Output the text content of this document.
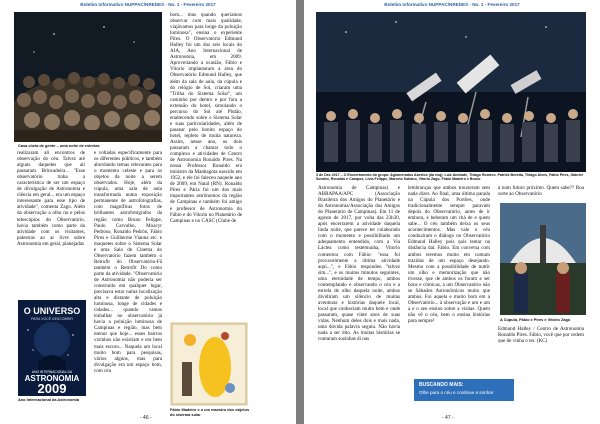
Boletim Informativo NUPPAC/NREDES - No. 1 - Fevereiro 2017
Casa cheia de gente – uma noite de estrelas

realizaram ali encontros de observação do céu. Talvez até alguns daqueles que ali passaram. Brincadeira... "Esse observatório tinha a característica de ser um espaço de divulgação de Astronomia e ciência em geral... era um espaço interessante para esse tipo de atividade", comenta Zago. Além da observação a olho nu e pelos telescópios do Observatório, havia também como parte da atividade com os visitantes, palestras ao ar livre sobre Astronomia em geral, planejadas

O UNIVERSO
PARA VOCÊ DESCOBRIR
ANO INTERNACIONAL DA
ASTRONOMIA
2009
Ano Internacional da Astronomia

e voltadas especificamente para os diferentes públicos, e também abordando temas relevantes para o momento celeste e para os objetos da noite a serem observados. Hoje, além da cúpula, uma sala de aula transformada numa exposição permanente de astrofotografias, com magníficas fotos de brilhantes astrofotógrafos da região como Bruno Felippe, Paulo Carvalho, Moacyr Pedroso, Ronaldo Pedrón, Fábio Pires e Guilherme Vianna etc. e maquetes sobre o Sistema Solar e uma Sala de Cinema do Observatório fazem também o Retrofit do Observatório-Fã também o Retrofit Do como parte da atividade. "Observatório de Astronomia não poderia ser construído em qualquer lugar, precisava estar numa localização alta e distante de poluição luminosa, longe de cidades e cidades... quando vamos trabalhar no observatório já havia a poluição luminosa de Campinas e região, mas bem menor que hoje... esses bairros vizinhos não existiam e era bem mais escuro... Naquela um local muito bom para pesquisas, vários alguns, mas para divulgação era um espaço bom, com céu

bom... mas quando queríamos observar com mais qualidade, viajávamos para longe da poluição luminosa", ensina o experiente Pires. O Observatório Edmund Halley foi um dos seis locais do AIA, Ano Internacional de Astronomia, em 2009. Aproveitando a ocasião, Fábio e Vitorio implantaram a área do Observatório Edmund Halley, que além da sala de aula, da cúpula e do relógio de Sol, criaram uma "Trilha do Sistema Solar", um caminho por dentro e por fora a extensão do hotel, simulando o percurso do Sol até Plutão, enaltecendo sobre o Sistema Solar e suas particularidades, além de passear pelo bonito espaço do hotel, repleto de muita natureza. Assim, nesse ano, os dois passaram a chamar todo o complexo e atividades de Centro de Astronomia Ronaldo Pires. Na nossa Professor Ronaldo era ministro da Manhagota nascido em 1952, e ele foi faleceu naquele ano de 2009, em Natal (RN). Ronaldo Pires e Pária foi um dos mais importantes astrônomos da região de Campinas e também foi amigo e professor de Astronomia do Fábio e do Vitorio no Planetário de Campinas e no CASC (Clube de

Fábio Madeiro e o um maestro dos objetos do sistema solar
- 46 -
Boletim Informativo NUPPAC/NREDES - No. 1 - Fevereiro 2017
3 de Dez 2017 – O Encerramento do grupo: Aglomerados Abertos (da esq): Luiz Andrade, Thiago Romero, Patrick Beretta, Thiago Alves, Fabio Pires, Gabriel Sorotto, Ronaldo e Campos, Lívia Felippe, Marcelo Soliano, Vitorio Zago, Fábio Madeiro e Bruno

Astronomia de Campinas) e ABRAPAA/APC (Associação Brasileira dos Amigos do Planetário e da Astronomia/Associação dos Amigos do Planetário de Campinas). Em 11 de agosto de 2017, por volta das 23h30, após encerrarem a atividade daquela linda noite, que parece ter colaborado com o momento e possibilitado um adequamento entendido, com a Via Láctea como testemunha, Vitorio comentou com Fábio: "essa foi provavelmente a última atividade aqui...", e Fábio respondeu "talvez sim...", e os muitos minutos seguintes, uma eternidade de tempo, ambos contemplando e observando o céu e a estrela de olho daquela noite, ambos dividiram um silêncio de muitas aventuras e histórias daquele local, local que conheciam muito bem e onde passaram, quase vinte anos de suas vidas. Nenhum deles dois e mais nada, uma dúvida palavra seguiu. Não havia nada a ser dito. As muitas histórias se contaram sozinhas di nas

lembranças que ambos trouxeram sem nada dizer. Ao final, uma última parada na Cúpula dos Portões, onde tradicionalmente sempre paravam depois do Observatório, antes de ir embora, e beberam um chá de e quem sabe... O céu também deixa os seus acontecimentos. Mas vale o céu conduziram o diálogo no Observatório Edmund Halley pois quis tentar na distância daí. Fábio. Em conversa com ambos teremos muito em comum trazidas de um espaço desejando. Mesmo com a possibilidade de nutrir um olho e memorização que não tivesse, que de ambos os foram e ser bons e cômicas, a um Observatório não se Sábados Astronômicos muito que ambos. Foi aquela e muito bom em a Observatório... à observação e um e um a e o seu ensino sobre a visitas. Quem não vê o céu, bem o ensina histórias para sempre!

à num futuro próximo. Quem sabe?? Boa sorte ao Observatório

A Cúpula, Fábio e Pires e Vitório Zago

Edmund Halley / Centro de Astronomia Ronaldo Pires. Fábio, você que por ordem que de vinha o ter. (KC)

BUSCANDO MAIS:
Olhe para o céu e continue a sonhar
- 47 -
